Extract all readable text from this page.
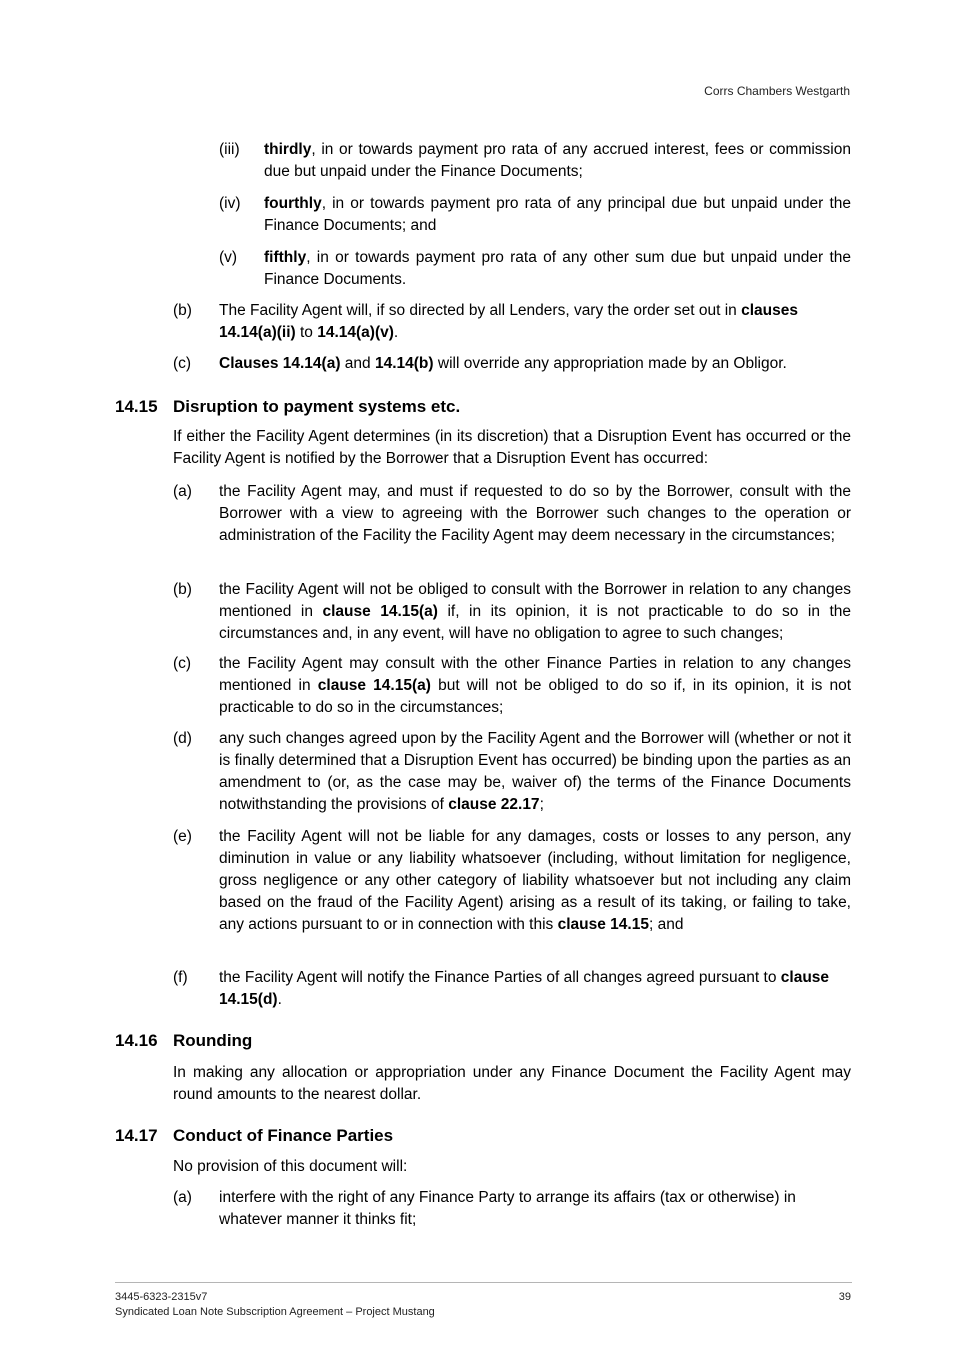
Corrs Chambers Westgarth
(iii) thirdly, in or towards payment pro rata of any accrued interest, fees or commission due but unpaid under the Finance Documents;
(iv) fourthly, in or towards payment pro rata of any principal due but unpaid under the Finance Documents; and
(v) fifthly, in or towards payment pro rata of any other sum due but unpaid under the Finance Documents.
(b) The Facility Agent will, if so directed by all Lenders, vary the order set out in clauses 14.14(a)(ii) to 14.14(a)(v).
(c) Clauses 14.14(a) and 14.14(b) will override any appropriation made by an Obligor.
14.15 Disruption to payment systems etc.
If either the Facility Agent determines (in its discretion) that a Disruption Event has occurred or the Facility Agent is notified by the Borrower that a Disruption Event has occurred:
(a) the Facility Agent may, and must if requested to do so by the Borrower, consult with the Borrower with a view to agreeing with the Borrower such changes to the operation or administration of the Facility the Facility Agent may deem necessary in the circumstances;
(b) the Facility Agent will not be obliged to consult with the Borrower in relation to any changes mentioned in clause 14.15(a) if, in its opinion, it is not practicable to do so in the circumstances and, in any event, will have no obligation to agree to such changes;
(c) the Facility Agent may consult with the other Finance Parties in relation to any changes mentioned in clause 14.15(a) but will not be obliged to do so if, in its opinion, it is not practicable to do so in the circumstances;
(d) any such changes agreed upon by the Facility Agent and the Borrower will (whether or not it is finally determined that a Disruption Event has occurred) be binding upon the parties as an amendment to (or, as the case may be, waiver of) the terms of the Finance Documents notwithstanding the provisions of clause 22.17;
(e) the Facility Agent will not be liable for any damages, costs or losses to any person, any diminution in value or any liability whatsoever (including, without limitation for negligence, gross negligence or any other category of liability whatsoever but not including any claim based on the fraud of the Facility Agent) arising as a result of its taking, or failing to take, any actions pursuant to or in connection with this clause 14.15; and
(f) the Facility Agent will notify the Finance Parties of all changes agreed pursuant to clause 14.15(d).
14.16 Rounding
In making any allocation or appropriation under any Finance Document the Facility Agent may round amounts to the nearest dollar.
14.17 Conduct of Finance Parties
No provision of this document will:
(a) interfere with the right of any Finance Party to arrange its affairs (tax or otherwise) in whatever manner it thinks fit;
3445-6323-2315v7
Syndicated Loan Note Subscription Agreement – Project Mustang
39
